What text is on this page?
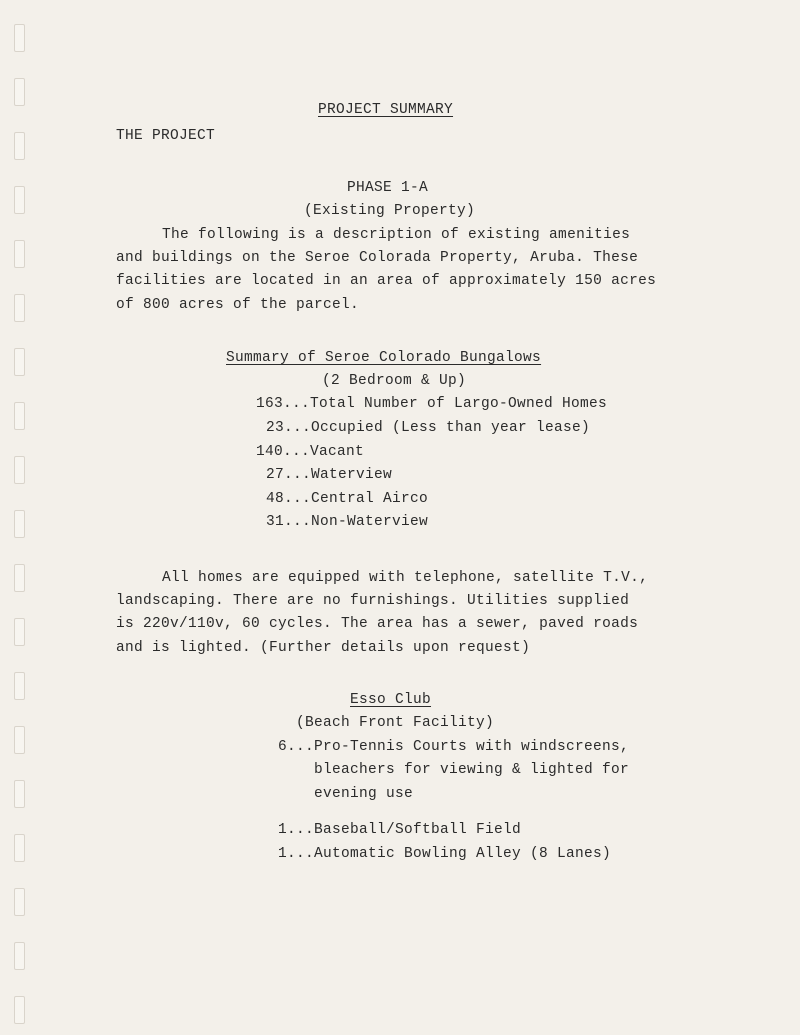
PROJECT SUMMARY
THE PROJECT
PHASE 1-A
(Existing Property)
The following is a description of existing amenities
and buildings on the Seroe Colorada Property, Aruba. These
facilities are located in an area of approximately 150 acres
of 800 acres of the parcel.
Summary of Seroe Colorado Bungalows
(2 Bedroom & Up)
163...Total Number of Largo-Owned Homes
23...Occupied (Less than year lease)
140...Vacant
27...Waterview
48...Central Airco
31...Non-Waterview
All homes are equipped with telephone, satellite T.V.,
landscaping. There are no furnishings. Utilities supplied
is 220v/110v, 60 cycles. The area has a sewer, paved roads
and is lighted. (Further details upon request)
Esso Club
(Beach Front Facility)
6...Pro-Tennis Courts with windscreens,
bleachers for viewing & lighted for
evening use
1...Baseball/Softball Field
1...Automatic Bowling Alley (8 Lanes)
